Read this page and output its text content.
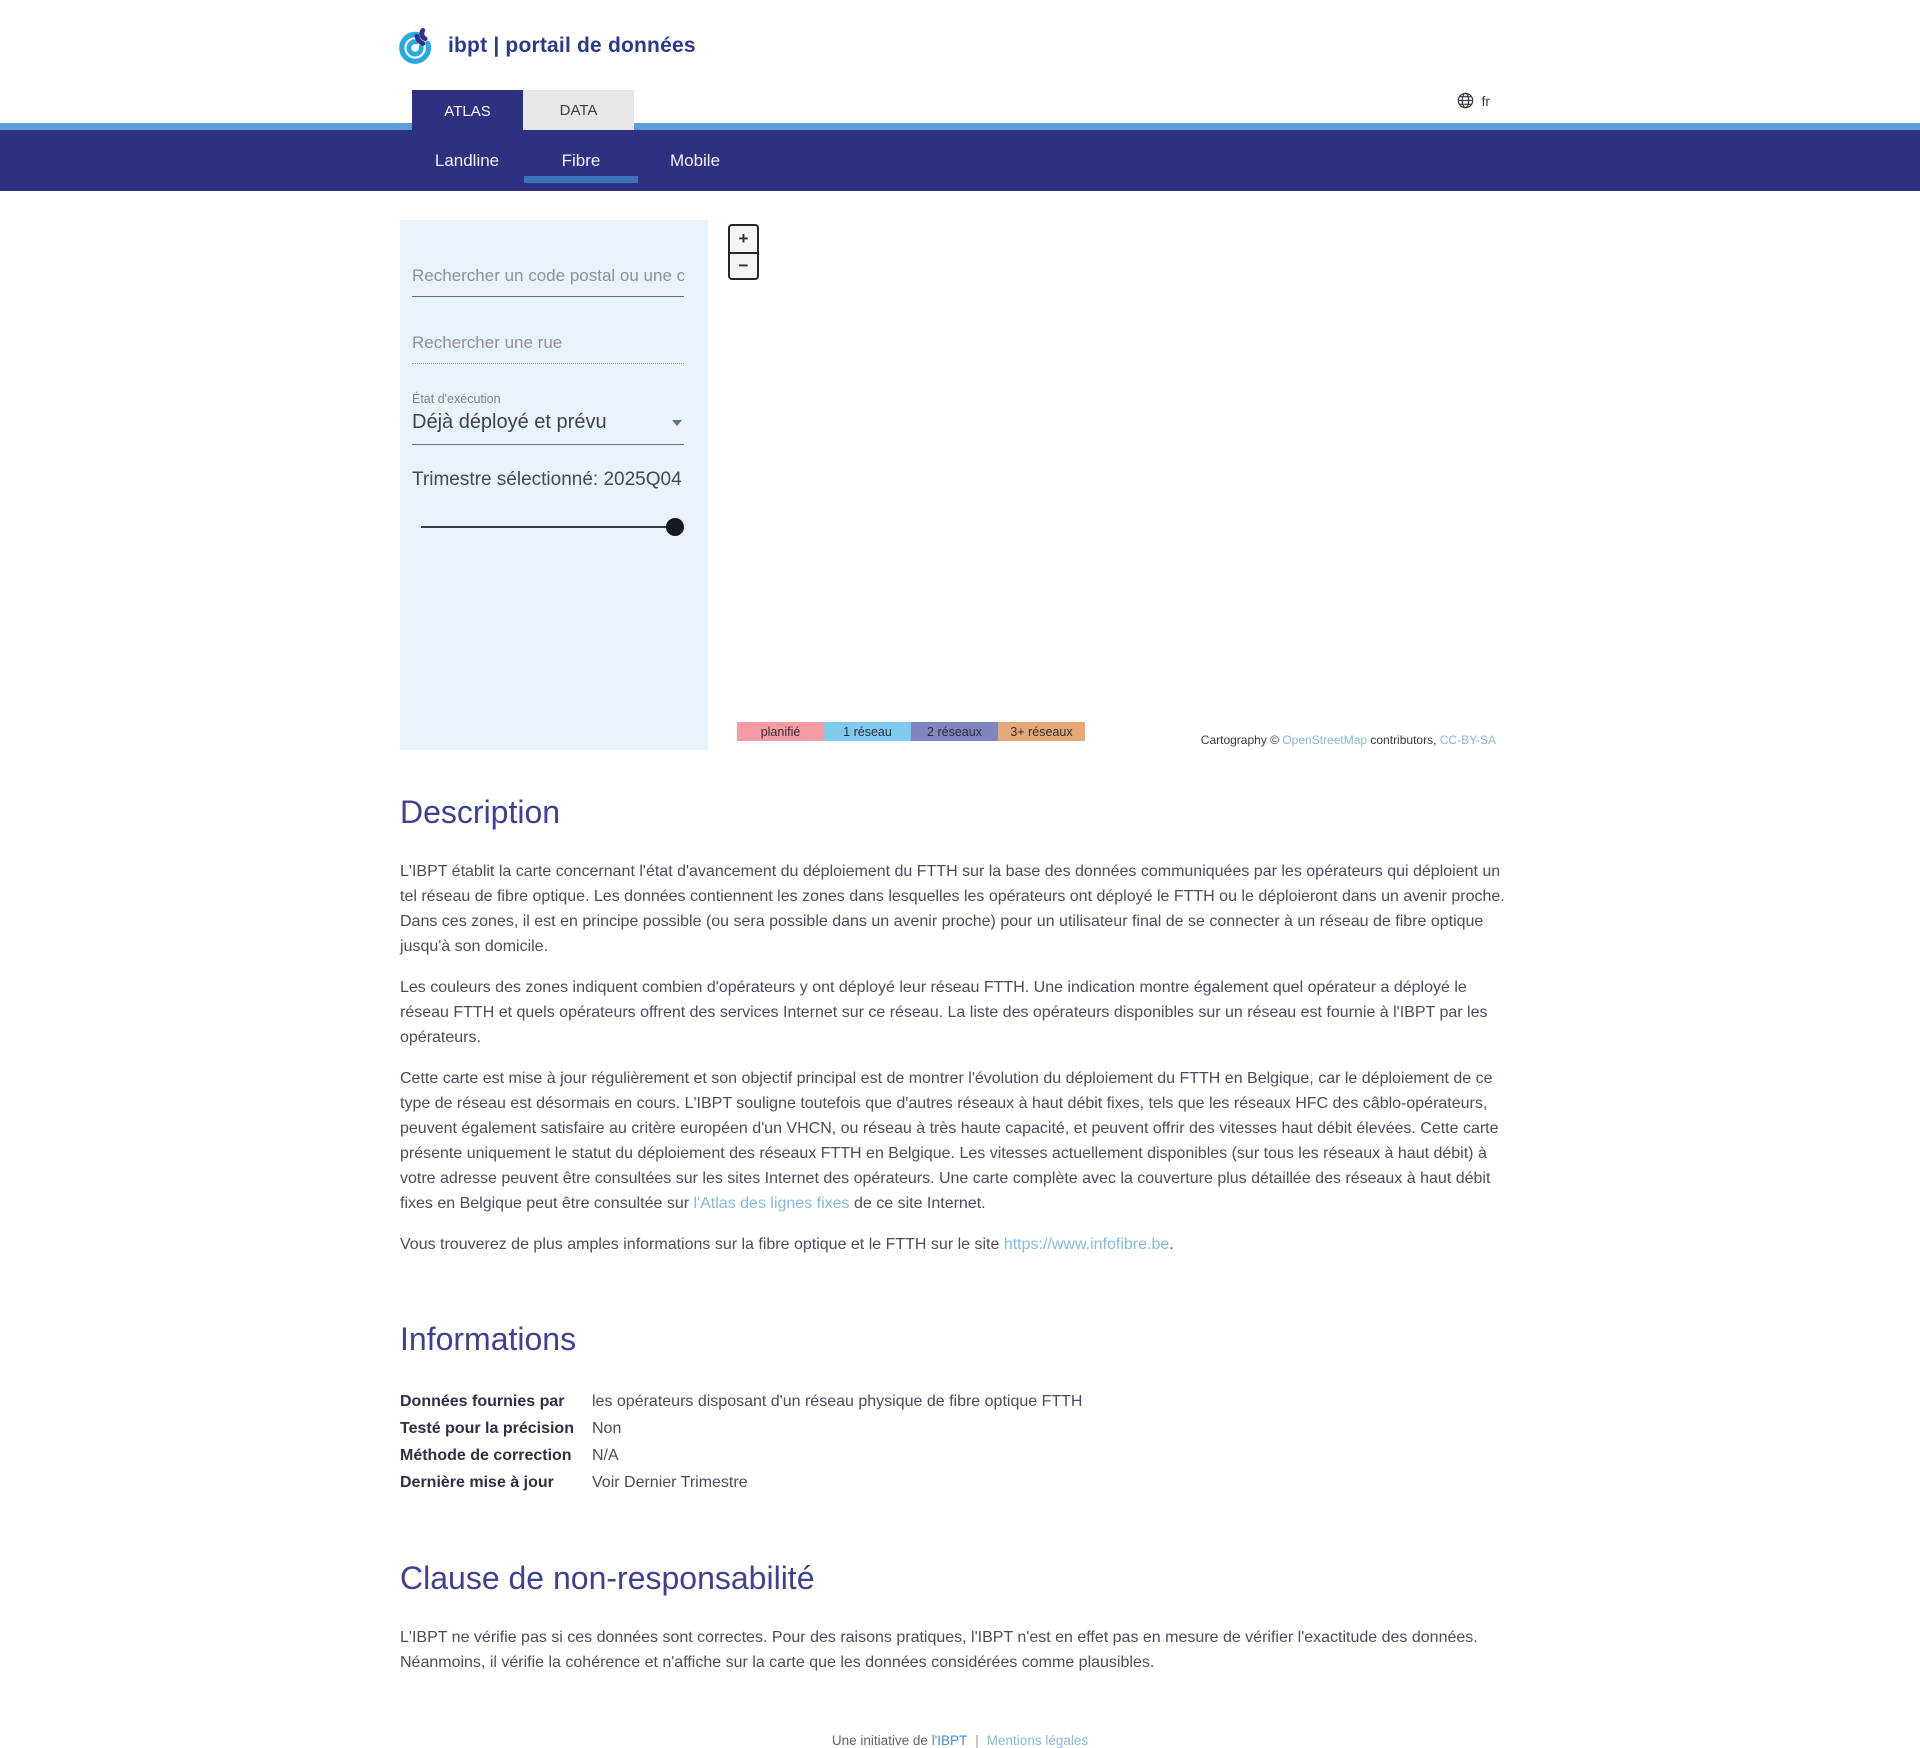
ibpt | portail de données
ATLAS	DATA
fr
Landline	Fibre	Mobile
Rechercher un code postal ou une c...
Rechercher une rue
État d'exécution
Déjà déployé et prévu
Trimestre sélectionné: 2025Q04
+
−
planifié	1 réseau	2 réseaux	3+ réseaux
Cartography © OpenStreetMap contributors, CC-BY-SA
Description

L'IBPT établit la carte concernant l'état d'avancement du déploiement du FTTH sur la base des données communiquées par les opérateurs qui déploient un tel réseau de fibre optique. Les données contiennent les zones dans lesquelles les opérateurs ont déployé le FTTH ou le déploieront dans un avenir proche. Dans ces zones, il est en principe possible (ou sera possible dans un avenir proche) pour un utilisateur final de se connecter à un réseau de fibre optique jusqu'à son domicile.

Les couleurs des zones indiquent combien d'opérateurs y ont déployé leur réseau FTTH. Une indication montre également quel opérateur a déployé le réseau FTTH et quels opérateurs offrent des services Internet sur ce réseau. La liste des opérateurs disponibles sur un réseau est fournie à l'IBPT par les opérateurs.

Cette carte est mise à jour régulièrement et son objectif principal est de montrer l'évolution du déploiement du FTTH en Belgique, car le déploiement de ce type de réseau est désormais en cours. L'IBPT souligne toutefois que d'autres réseaux à haut débit fixes, tels que les réseaux HFC des câblo-opérateurs, peuvent également satisfaire au critère européen d'un VHCN, ou réseau à très haute capacité, et peuvent offrir des vitesses haut débit élevées. Cette carte présente uniquement le statut du déploiement des réseaux FTTH en Belgique. Les vitesses actuellement disponibles (sur tous les réseaux à haut débit) à votre adresse peuvent être consultées sur les sites Internet des opérateurs. Une carte complète avec la couverture plus détaillée des réseaux à haut débit fixes en Belgique peut être consultée sur l'Atlas des lignes fixes de ce site Internet.

Vous trouverez de plus amples informations sur la fibre optique et le FTTH sur le site https://www.infofibre.be.

Informations
Données fournies par	les opérateurs disposant d'un réseau physique de fibre optique FTTH
Testé pour la précision	Non
Méthode de correction	N/A
Dernière mise à jour	Voir Dernier Trimestre
Clause de non-responsabilité

L'IBPT ne vérifie pas si ces données sont correctes. Pour des raisons pratiques, l'IBPT n'est en effet pas en mesure de vérifier l'exactitude des données. Néanmoins, il vérifie la cohérence et n'affiche sur la carte que les données considérées comme plausibles.

Une initiative de l'IBPT | Mentions légales
